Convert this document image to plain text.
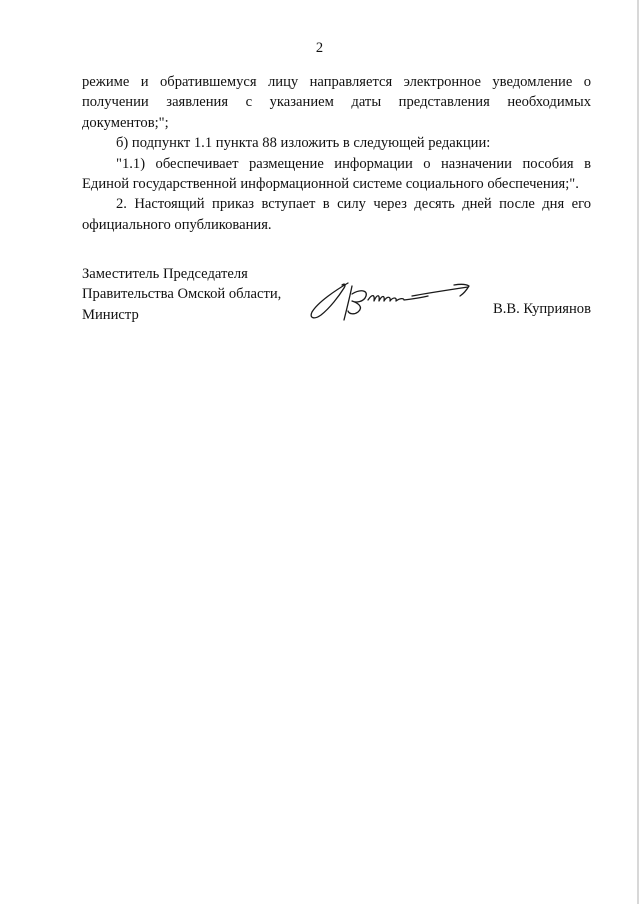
2

режиме и обратившемуся лицу направляется электронное уведомление о получении заявления с указанием даты представления необходимых документов;";

б) подпункт 1.1 пункта 88 изложить в следующей редакции:

"1.1) обеспечивает размещение информации о назначении пособия в Единой государственной информационной системе социального обеспечения;".

2. Настоящий приказ вступает в силу через десять дней после дня его официального опубликования.

Заместитель Председателя
Правительства Омской области,
Министр	В.В. Куприянов
